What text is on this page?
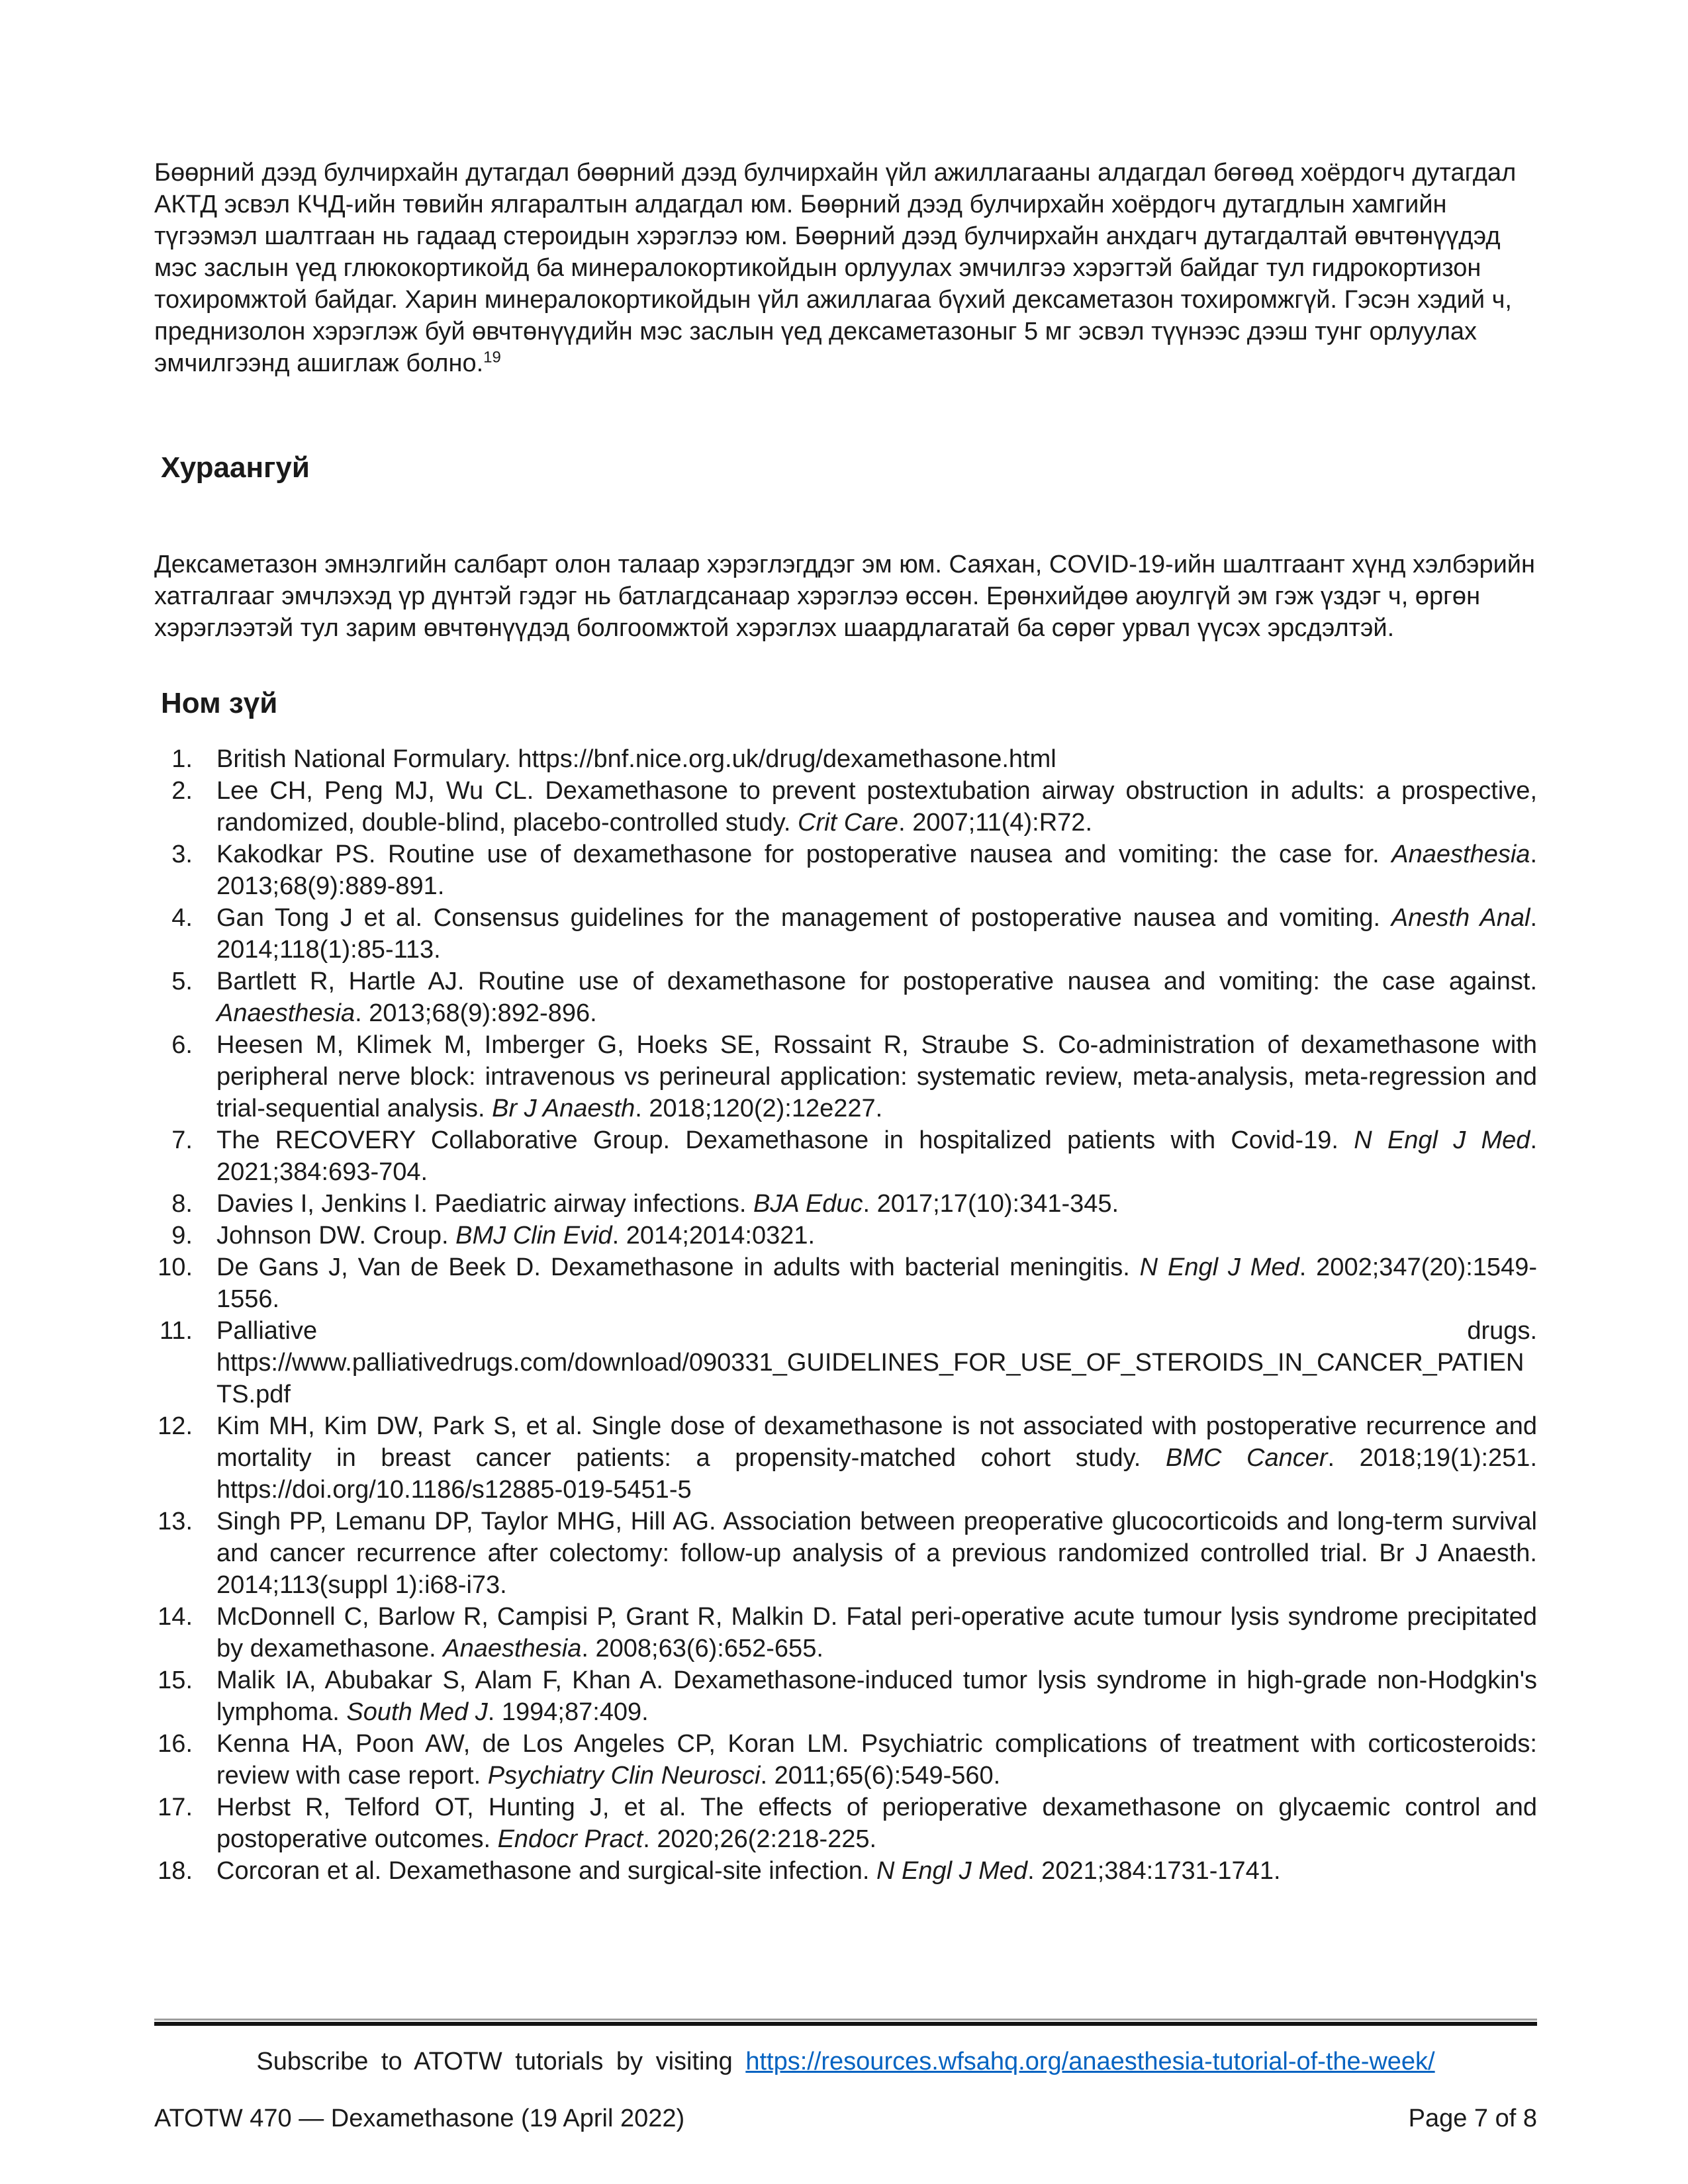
Бөөрний дээд булчирхайн дутагдал бөөрний дээд булчирхайн үйл ажиллагааны алдагдал бөгөөд хоёрдогч дутагдал АКТД эсвэл КЧД-ийн төвийн ялгаралтын алдагдал юм. Бөөрний дээд булчирхайн хоёрдогч дутагдлын хамгийн түгээмэл шалтгаан нь гадаад стероидын хэрэглээ юм. Бөөрний дээд булчирхайн анхдагч дутагдалтай өвчтөнүүдэд мэс заслын үед глюкокортикойд ба минералокортикойдын орлуулах эмчилгээ хэрэгтэй байдаг тул гидрокортизон тохиромжтой байдаг. Харин минералокортикойдын үйл ажиллагаа бүхий дексаметазон тохиромжгүй. Гэсэн хэдий ч, преднизолон хэрэглэж буй өвчтөнүүдийн мэс заслын үед дексаметазоныг 5 мг эсвэл түүнээс дээш тунг орлуулах эмчилгээнд ашиглаж болно.$^{19}$

Хураангуй

Дексаметазон эмнэлгийн салбарт олон талаар хэрэглэгддэг эм юм. Саяхан, COVID-19-ийн шалтгаант хүнд хэлбэрийн хатгалгааг эмчлэхэд үр дүнтэй гэдэг нь батлагдсанаар хэрэглээ өссөн. Ерөнхийдөө аюулгүй эм гэж үздэг ч, өргөн хэрэглээтэй тул зарим өвчтөнүүдэд болгоомжтой хэрэглэх шаардлагатай ба сөрөг урвал үүсэх эрсдэлтэй.

Ном зүй
1. British National Formulary. https://bnf.nice.org.uk/drug/dexamethasone.html
2. Lee CH, Peng MJ, Wu CL. Dexamethasone to prevent postextubation airway obstruction in adults: a prospective, randomized, double-blind, placebo-controlled study. Crit Care. 2007;11(4):R72.
3. Kakodkar PS. Routine use of dexamethasone for postoperative nausea and vomiting: the case for. Anaesthesia. 2013;68(9):889-891.
4. Gan Tong J et al. Consensus guidelines for the management of postoperative nausea and vomiting. Anesth Anal. 2014;118(1):85-113.
5. Bartlett R, Hartle AJ. Routine use of dexamethasone for postoperative nausea and vomiting: the case against. Anaesthesia. 2013;68(9):892-896.
6. Heesen M, Klimek M, Imberger G, Hoeks SE, Rossaint R, Straube S. Co-administration of dexamethasone with peripheral nerve block: intravenous vs perineural application: systematic review, meta-analysis, meta-regression and trial-sequential analysis. Br J Anaesth. 2018;120(2):12e227.
7. The RECOVERY Collaborative Group. Dexamethasone in hospitalized patients with Covid-19. N Engl J Med. 2021;384:693-704.
8. Davies I, Jenkins I. Paediatric airway infections. BJA Educ. 2017;17(10):341-345.
9. Johnson DW. Croup. BMJ Clin Evid. 2014;2014:0321.
10. De Gans J, Van de Beek D. Dexamethasone in adults with bacterial meningitis. N Engl J Med. 2002;347(20):1549-1556.
11. Palliative drugs. https://www.palliativedrugs.com/download/090331_GUIDELINES_FOR_USE_OF_STEROIDS_IN_CANCER_PATIENTS.pdf
12. Kim MH, Kim DW, Park S, et al. Single dose of dexamethasone is not associated with postoperative recurrence and mortality in breast cancer patients: a propensity-matched cohort study. BMC Cancer. 2018;19(1):251. https://doi.org/10.1186/s12885-019-5451-5
13. Singh PP, Lemanu DP, Taylor MHG, Hill AG. Association between preoperative glucocorticoids and long-term survival and cancer recurrence after colectomy: follow-up analysis of a previous randomized controlled trial. Br J Anaesth. 2014;113(suppl 1):i68-i73.
14. McDonnell C, Barlow R, Campisi P, Grant R, Malkin D. Fatal peri-operative acute tumour lysis syndrome precipitated by dexamethasone. Anaesthesia. 2008;63(6):652-655.
15. Malik IA, Abubakar S, Alam F, Khan A. Dexamethasone-induced tumor lysis syndrome in high-grade non-Hodgkin's lymphoma. South Med J. 1994;87:409.
16. Kenna HA, Poon AW, de Los Angeles CP, Koran LM. Psychiatric complications of treatment with corticosteroids: review with case report. Psychiatry Clin Neurosci. 2011;65(6):549-560.
17. Herbst R, Telford OT, Hunting J, et al. The effects of perioperative dexamethasone on glycaemic control and postoperative outcomes. Endocr Pract. 2020;26(2:218-225.
18. Corcoran et al. Dexamethasone and surgical-site infection. N Engl J Med. 2021;384:1731-1741.

Subscribe to ATOTW tutorials by visiting https://resources.wfsahq.org/anaesthesia-tutorial-of-the-week/

ATOTW 470 — Dexamethasone (19 April 2022)	Page 7 of 8
